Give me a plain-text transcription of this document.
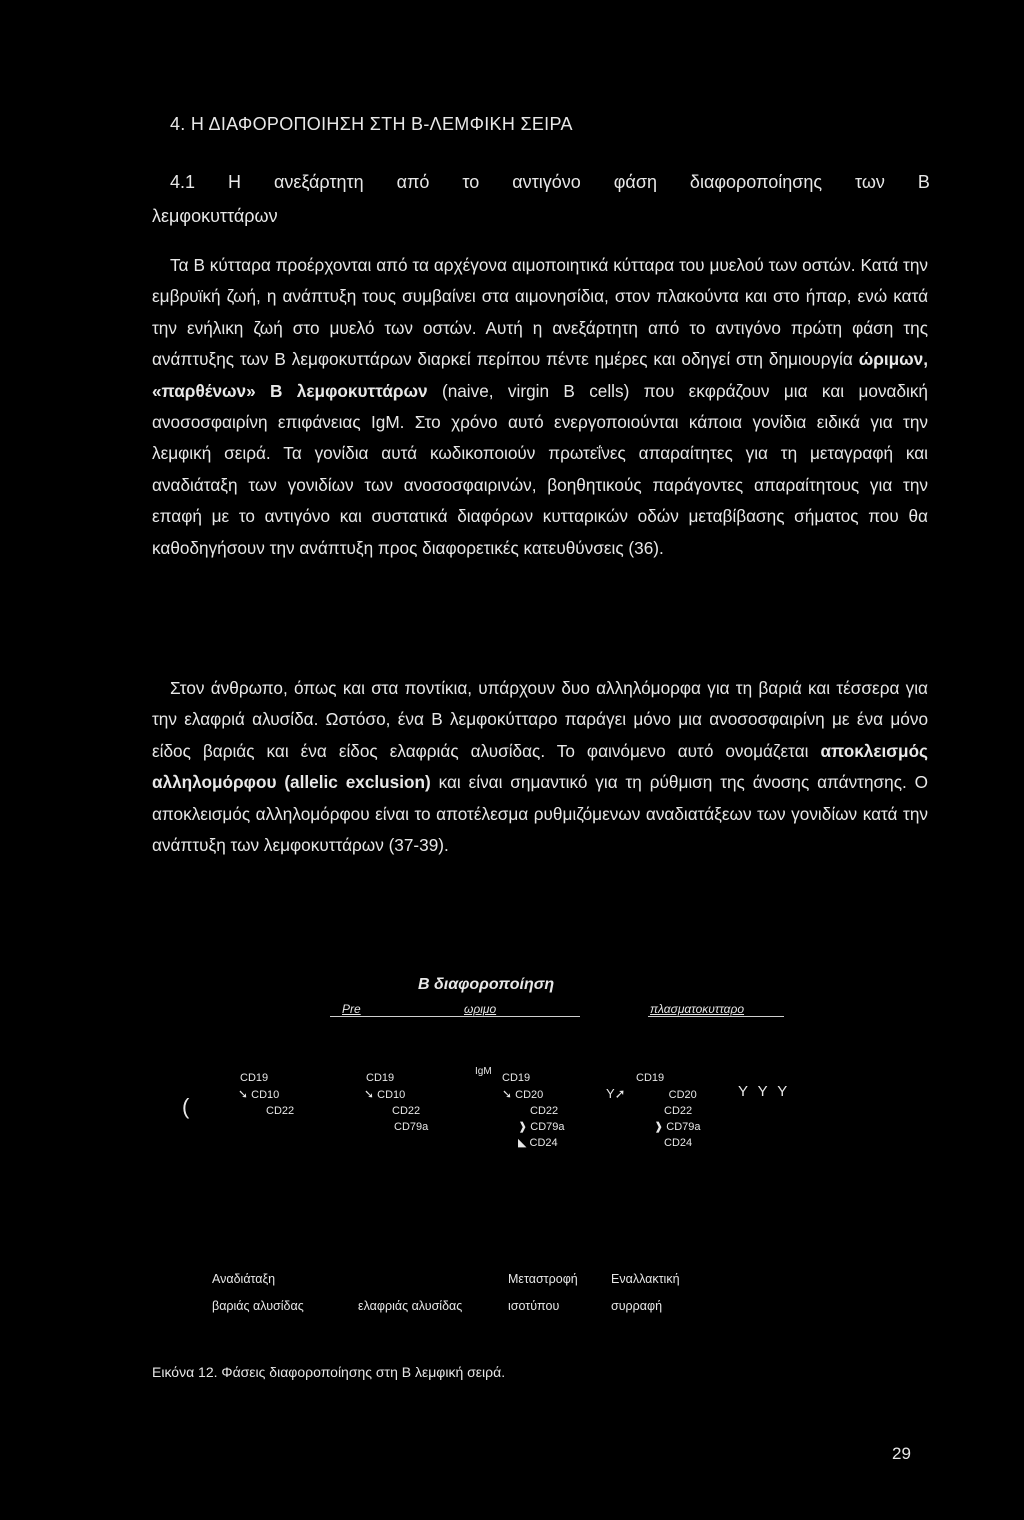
4. Η ΔΙΑΦΟΡΟΠΟΙΗΣΗ ΣΤΗ Β-ΛΕΜΦΙΚΗ ΣΕΙΡΑ
4.1 Η ανεξάρτητη από το αντιγόνο φάση διαφοροποίησης των Β
λεμφοκυττάρων

Τα Β κύτταρα προέρχονται από τα αρχέγονα αιμοποιητικά κύτταρα του μυελού των οστών. Κατά την εμβρυϊκή ζωή, η ανάπτυξη τους συμβαίνει στα αιμονησίδια, στον πλακούντα και στο ήπαρ, ενώ κατά την ενήλικη ζωή στο μυελό των οστών. Αυτή η ανεξάρτητη από το αντιγόνο πρώτη φάση της ανάπτυξης των Β λεμφοκυττάρων διαρκεί περίπου πέντε ημέρες και οδηγεί στη δημιουργία ώριμων, «παρθένων» Β λεμφοκυττάρων (naive, virgin B cells) που εκφράζουν μια και μοναδική ανοσοσφαιρίνη επιφάνειας IgM. Στο χρόνο αυτό ενεργοποιούνται κάποια γονίδια ειδικά για την λεμφική σειρά. Τα γονίδια αυτά κωδικοποιούν πρωτεΐνες απαραίτητες για τη μεταγραφή και αναδιάταξη των γονιδίων των ανοσοσφαιρινών, βοηθητικούς παράγοντες απαραίτητους για την επαφή με το αντιγόνο και συστατικά διαφόρων κυτταρικών οδών μεταβίβασης σήματος που θα καθοδηγήσουν την ανάπτυξη προς διαφορετικές κατευθύνσεις (36).

Στον άνθρωπο, όπως και στα ποντίκια, υπάρχουν δυο αλληλόμορφα για τη βαριά και τέσσερα για την ελαφριά αλυσίδα. Ωστόσο, ένα Β λεμφοκύτταρο παράγει μόνο μια ανοσοσφαιρίνη με ένα μόνο είδος βαριάς και ένα είδος ελαφριάς αλυσίδας. Το φαινόμενο αυτό ονομάζεται αποκλεισμός αλληλομόρφου (allelic exclusion) και είναι σημαντικό για τη ρύθμιση της άνοσης απάντησης. Ο αποκλεισμός αλληλομόρφου είναι το αποτέλεσμα ρυθμιζόμενων αναδιατάξεων των γονιδίων κατά την ανάπτυξη των λεμφοκυττάρων (37-39).

Β διαφοροποίηση
Pre	ωριμο	πλασματοκυτταρο
(
CD19
➘ CD10
CD22
CD19
➘ CD10
CD22
CD79a
IgM
CD19
➘ CD20
CD22
❱ CD79a
◣ CD24
CD19
Y➚	CD20
CD22
❱ CD79a
CD24
Y Y Y
Αναδιάταξη
βαριάς αλυσίδας	ελαφριάς αλυσίδας
Μεταστροφή
ισοτύπου
Εναλλακτική
συρραφή
Εικόνα 12. Φάσεις διαφοροποίησης στη Β λεμφική σειρά.
29
